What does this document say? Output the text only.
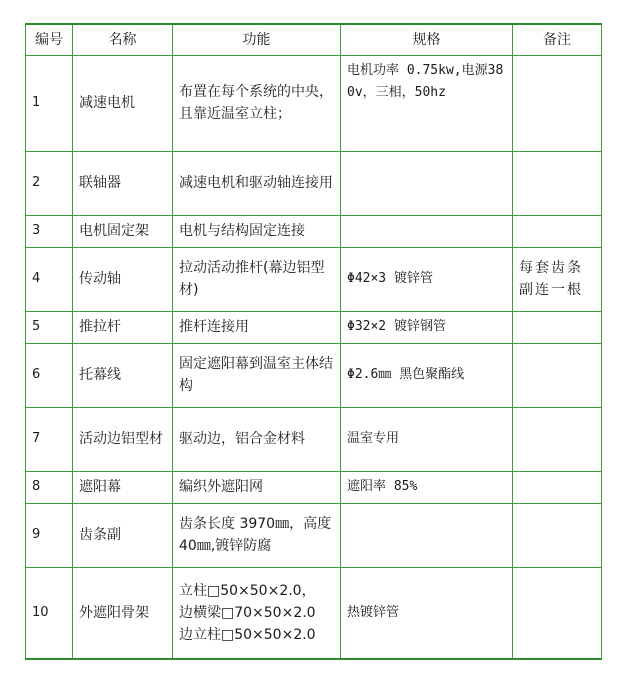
编号	名称	功能	规格	备注
1	减速电机	布置在每个系统的中央，且靠近温室立柱；	电机功率 0.75kw,电源380v，三相，50hz	
2	联轴器	减速电机和驱动轴连接用		
3	电机固定架	电机与结构固定连接		
4	传动轴	拉动活动推杆(幕边铝型材)	Φ42×3 镀锌管	每套齿条副连一根
5	推拉杆	推杆连接用	Φ32×2 镀锌钢管	
6	托幕线	固定遮阳幕到温室主体结构	Φ2.6㎜ 黑色聚酯线	
7	活动边铝型材	驱动边，铝合金材料	温室专用	
8	遮阳幕	编织外遮阳网	遮阳率 85%	
9	齿条副	齿条长度 3970㎜，高度 40㎜,镀锌防腐		
10	外遮阳骨架	立柱□50×50×2.0，
边横梁□70×50×2.0
边立柱□50×50×2.0	热镀锌管	
